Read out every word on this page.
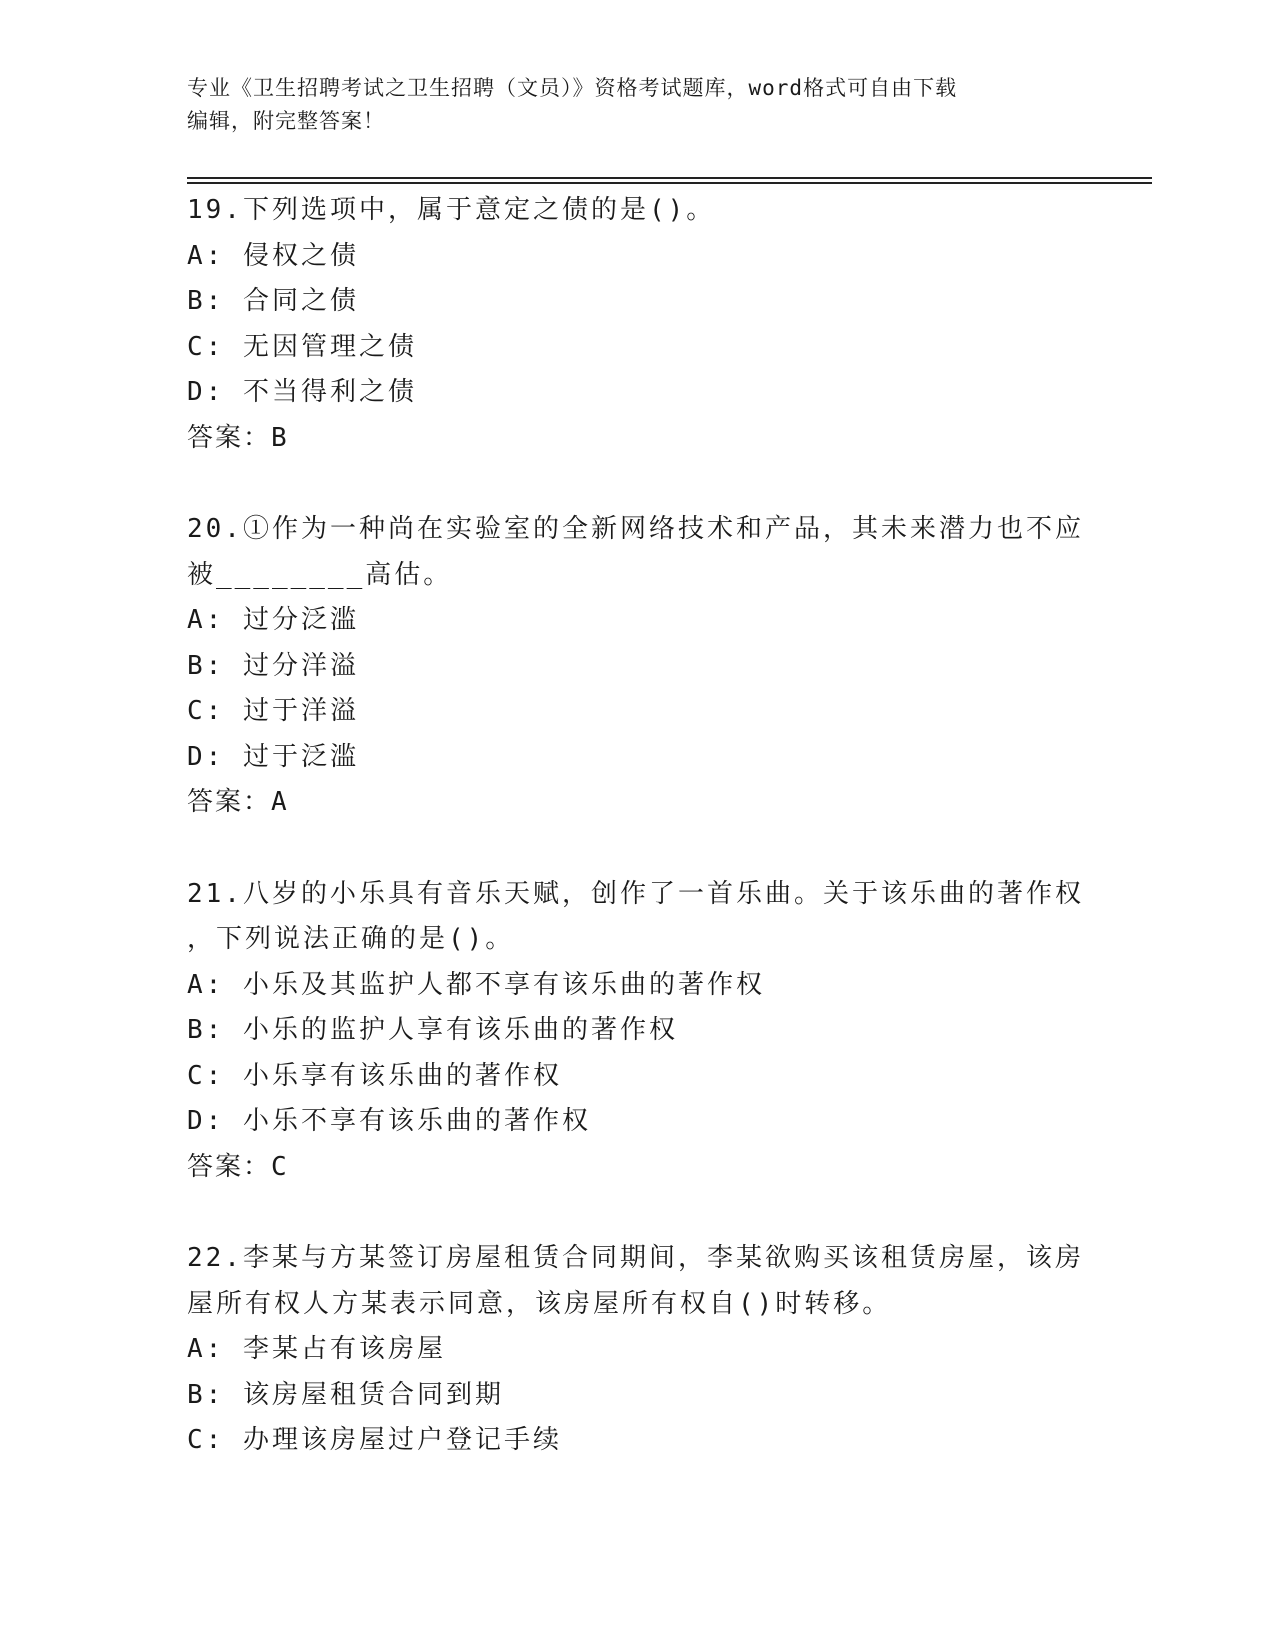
专业《卫生招聘考试之卫生招聘（文员）》资格考试题库，word格式可自由下载
编辑，附完整答案！
19.下列选项中，属于意定之债的是()。
A: 侵权之债
B: 合同之债
C: 无因管理之债
D: 不当得利之债
答案：B
20.①作为一种尚在实验室的全新网络技术和产品，其未来潜力也不应
被________高估。
A: 过分泛滥
B: 过分洋溢
C: 过于洋溢
D: 过于泛滥
答案：A
21.八岁的小乐具有音乐天赋，创作了一首乐曲。关于该乐曲的著作权
，下列说法正确的是()。
A: 小乐及其监护人都不享有该乐曲的著作权
B: 小乐的监护人享有该乐曲的著作权
C: 小乐享有该乐曲的著作权
D: 小乐不享有该乐曲的著作权
答案：C
22.李某与方某签订房屋租赁合同期间，李某欲购买该租赁房屋，该房
屋所有权人方某表示同意，该房屋所有权自()时转移。
A: 李某占有该房屋
B: 该房屋租赁合同到期
C: 办理该房屋过户登记手续
